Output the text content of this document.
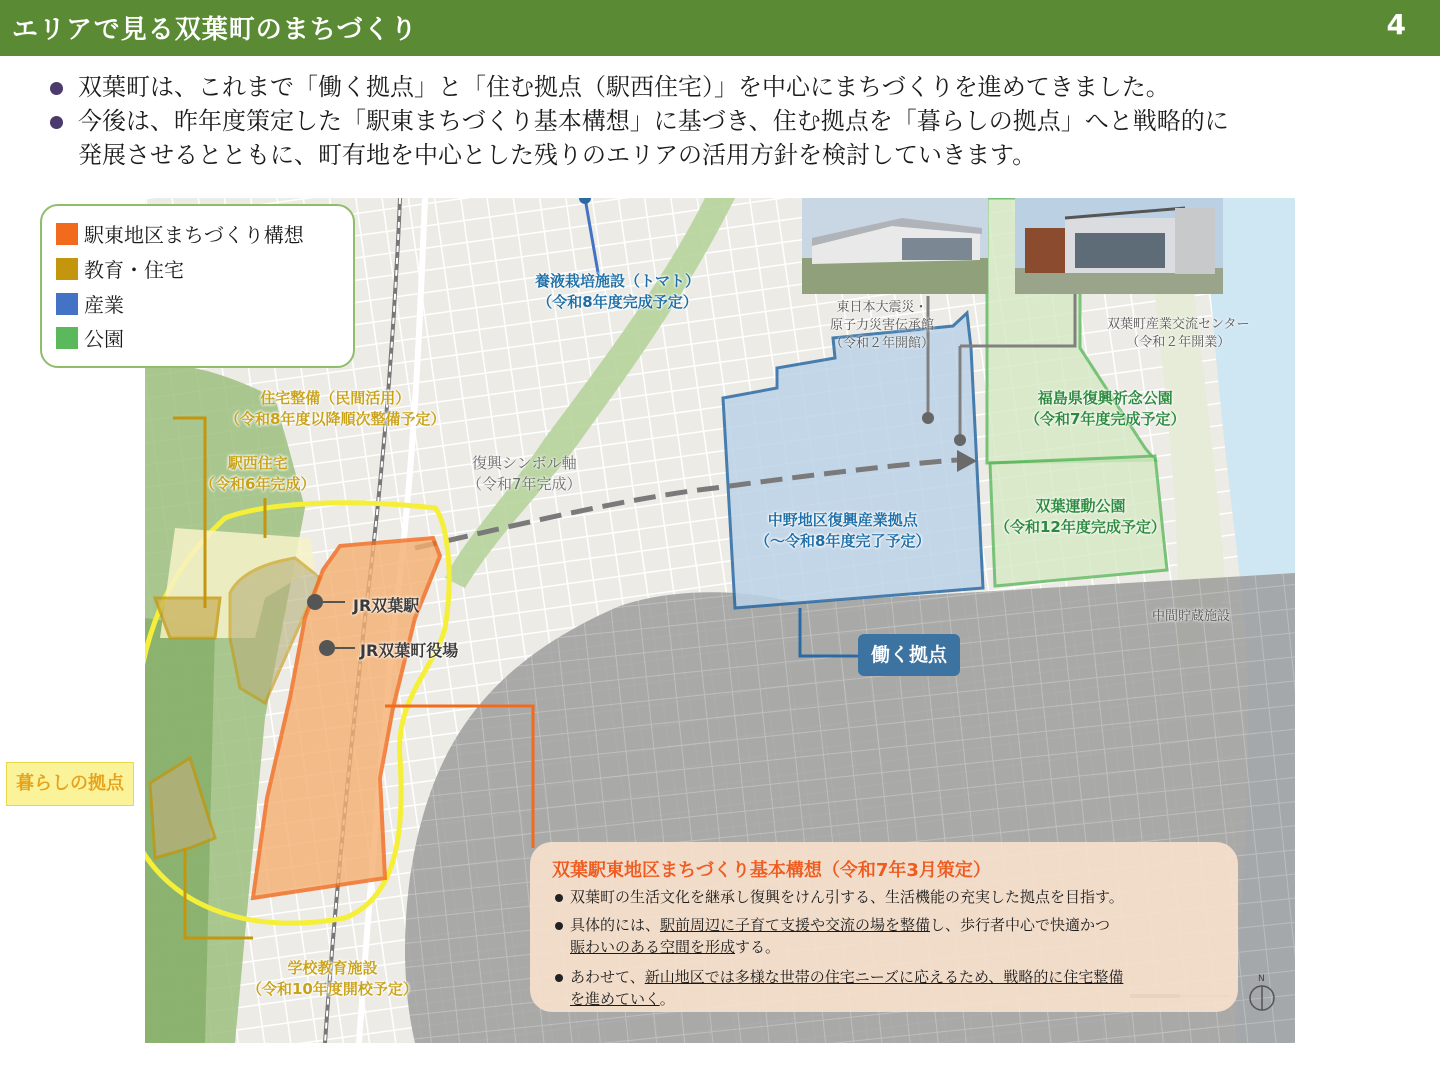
エリアで見る双葉町のまちづくり	4
双葉町は、これまで「働く拠点」と「住む拠点（駅西住宅）」を中心にまちづくりを進めてきました。
今後は、昨年度策定した「駅東まちづくり基本構想」に基づき、住む拠点を「暮らしの拠点」へと戦略的に
発展させるとともに、町有地を中心とした残りのエリアの活用方針を検討していきます。
養液栽培施設（トマト）
（令和8年度完成予定）
住宅整備（民間活用）
（令和8年度以降順次整備予定）
駅西住宅
（令和6年完成）
復興シンボル軸
（令和7年完成）
中野地区復興産業拠点
（～令和8年度完了予定）
東日本大震災・
原子力災害伝承館
（令和２年開館）
双葉町産業交流センター
（令和２年開業）
福島県復興祈念公園
（令和7年度完成予定）
双葉運動公園
（令和12年度完成予定）
中間貯蔵施設
学校教育施設
（令和10年度開校予定）
JR双葉駅
JR双葉町役場
駅東地区まちづくり構想
教育・住宅
産業
公園
働く拠点
暮らしの拠点
双葉駅東地区まちづくり基本構想（令和7年3月策定）
双葉町の生活文化を継承し復興をけん引する、生活機能の充実した拠点を目指す。
具体的には、駅前周辺に子育て支援や交流の場を整備し、歩行者中心で快適かつ
賑わいのある空間を形成する。
あわせて、新山地区では多様な世帯の住宅ニーズに応えるため、戦略的に住宅整備
を進めていく。
N
